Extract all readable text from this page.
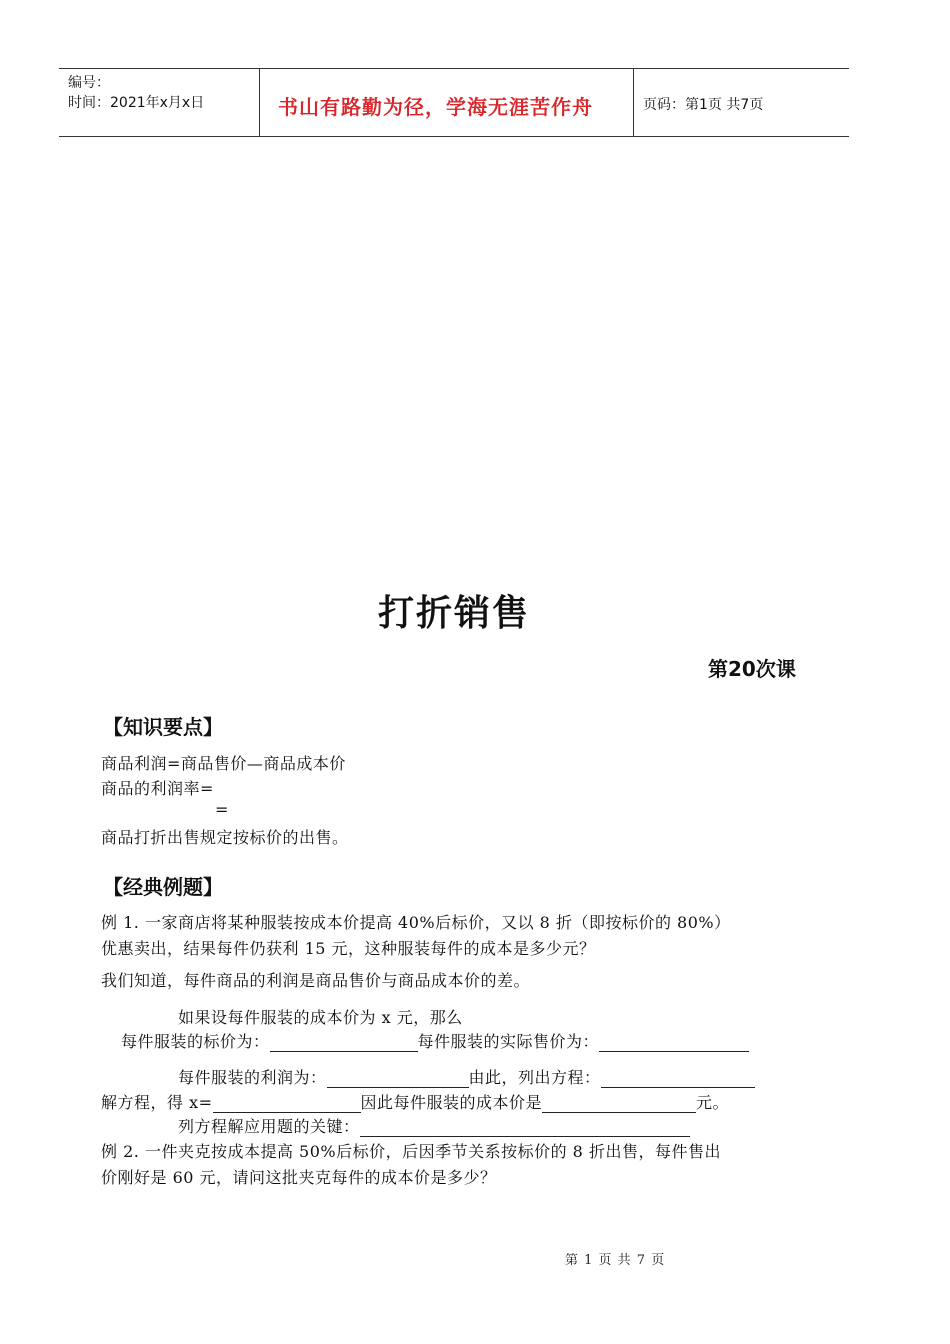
编号：
时间：2021年x月x日	书山有路勤为径，学海无涯苦作舟	页码：第1页 共7页
打折销售
第20次课
【知识要点】
商品利润=商品售价—商品成本价
商品的利润率=
=
商品打折出售规定按标价的出售。
【经典例题】
例 1. 一家商店将某种服装按成本价提高 40%后标价，又以 8 折（即按标价的 80%）
优惠卖出，结果每件仍获利 15 元，这种服装每件的成本是多少元？
我们知道，每件商品的利润是商品售价与商品成本价的差。
如果设每件服装的成本价为 x 元，那么
每件服装的标价为：	每件服装的实际售价为：
每件服装的利润为：	由此，列出方程：
解方程，得 x=	因此每件服装的成本价是	元。
列方程解应用题的关键：
例 2. 一件夹克按成本提高 50%后标价，后因季节关系按标价的 8 折出售，每件售出
价刚好是 60 元，请问这批夹克每件的成本价是多少？
第 1 页 共 7 页
